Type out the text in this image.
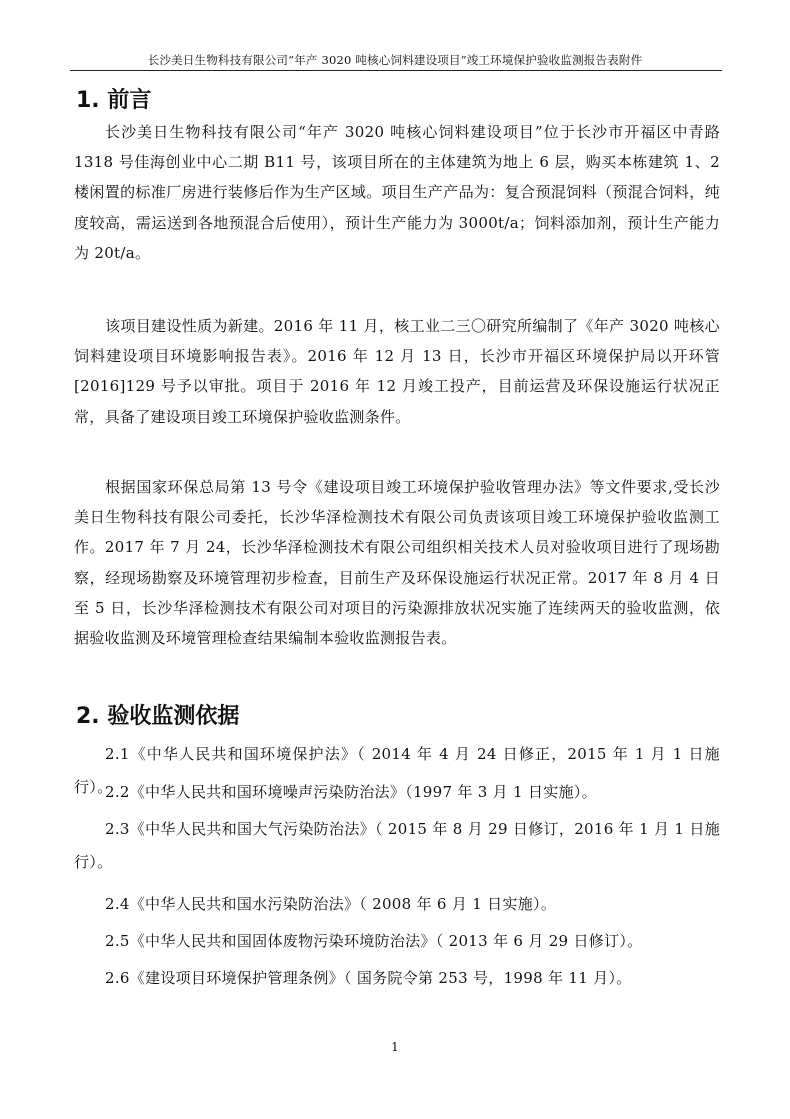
长沙美日生物科技有限公司“年产 3020 吨核心饲料建设项目”竣工环境保护验收监测报告表附件
1. 前言

长沙美日生物科技有限公司“年产 3020 吨核心饲料建设项目”位于长沙市开福区中青路 1318 号佳海创业中心二期 B11 号，该项目所在的主体建筑为地上 6 层，购买本栋建筑 1、2 楼闲置的标准厂房进行装修后作为生产区域。项目生产产品为：复合预混饲料（预混合饲料，纯度较高，需运送到各地预混合后使用），预计生产能力为 3000t/a；饲料添加剂，预计生产能力为 20t/a。

该项目建设性质为新建。2016 年 11 月，核工业二三〇研究所编制了《年产 3020 吨核心饲料建设项目环境影响报告表》。2016 年 12 月 13 日，长沙市开福区环境保护局以开环管[2016]129 号予以审批。项目于 2016 年 12 月竣工投产，目前运营及环保设施运行状况正常，具备了建设项目竣工环境保护验收监测条件。

根据国家环保总局第 13 号令《建设项目竣工环境保护验收管理办法》等文件要求,受长沙美日生物科技有限公司委托，长沙华泽检测技术有限公司负责该项目竣工环境保护验收监测工作。2017 年 7 月 24，长沙华泽检测技术有限公司组织相关技术人员对验收项目进行了现场勘察，经现场勘察及环境管理初步检查，目前生产及环保设施运行状况正常。2017 年 8 月 4 日至 5 日，长沙华泽检测技术有限公司对项目的污染源排放状况实施了连续两天的验收监测，依据验收监测及环境管理检查结果编制本验收监测报告表。

2. 验收监测依据

2.1《中华人民共和国环境保护法》（ 2014 年 4 月 24 日修正，2015 年 1 月 1 日施行）。

2.2《中华人民共和国环境噪声污染防治法》（1997 年 3 月 1 日实施）。

2.3《中华人民共和国大气污染防治法》（ 2015 年 8 月 29 日修订，2016 年 1 月 1 日施行）。

2.4《中华人民共和国水污染防治法》（ 2008 年 6 月 1 日实施）。

2.5《中华人民共和国固体废物污染环境防治法》（ 2013 年 6 月 29 日修订）。

2.6《建设项目环境保护管理条例》（ 国务院令第 253 号，1998 年 11 月）。

1
